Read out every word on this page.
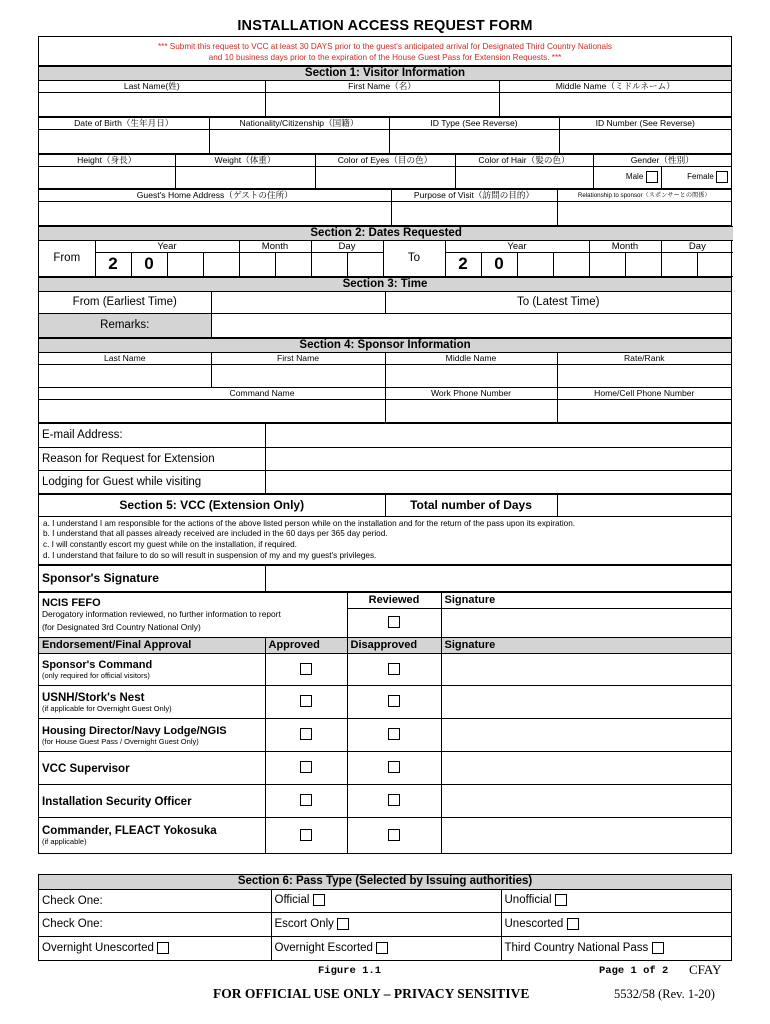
INSTALLATION ACCESS REQUEST FORM
*** Submit this request to VCC at least 30 DAYS prior to the guest's anticipated arrival for Designated Third Country Nationals
and 10 business days prior to the expiration of the House Guest Pass for Extension Requests. ***
Section 1: Visitor Information		
Last Name(姓)	First Name（名）	Middle Name（ミドルネーム）

Date of Birth（生年月日）	Nationality/Citizenship（国籍）	ID Type (See Reverse)	ID Number (See Reverse)

Height（身長）	Weight（体重）	Color of Eyes（目の色）	Color of Hair（髪の色）	Gender（性別）	
				Male	Female
Guest's Home Address（ゲストの住所）	Purpose of Visit（訪問の目的）	Relationship to sponsor（スポンサーとの関係）

Section 2: Dates Requested																	
From	Year				Month		Day		To	Year				Month		Day	
	2	0								2	0						
Section 3: Time		
From (Earliest Time)		To (Latest Time)
Remarks:		
Section 4: Sponsor Information			
Last Name	First Name	Middle Name	Rate/Rank

Command Name		Work Phone Number	Home/Cell Phone Number

E-mail Address:	
Reason for Request for Extension	
Lodging for Guest while visiting	
Section 5: VCC (Extension Only)	Total number of Days	

a. I understand I am responsible for the actions of the above listed person while on the installation and for the return of the pass upon its expiration.
b. I understand that all passes already received are included in the 60 days per 365 day period.
c. I will constantly escort my guest while on the installation, if required.
d. I understand that failure to do so will result in suspension of my and my guest's privileges.
Sponsor's Signature	
NCIS FEFO
Derogatory information reviewed, no further information to report
(for Designated 3rd Country National Only)		Reviewed	Signature

Endorsement/Final Approval	Approved	Disapproved	Signature
Sponsor's Command
(only required for official visitors)			

USNH/Stork's Nest
(if applicable for Overnight Guest Only)			

Housing Director/Navy Lodge/NGIS
(for House Guest Pass / Overnight Guest Only)			

VCC Supervisor			
Installation Security Officer			
Commander, FLEACT Yokosuka
(if applicable)			

Section 6: Pass Type (Selected by Issuing authorities)		
Check One:	Official	Unofficial
Check One:	Escort Only	Unescorted
Overnight Unescorted	Overnight Escorted	Third Country National Pass
Figure 1.1	Page 1 of 2 CFAY
FOR OFFICIAL USE ONLY – PRIVACY SENSITIVE	5532/58 (Rev. 1-20)
